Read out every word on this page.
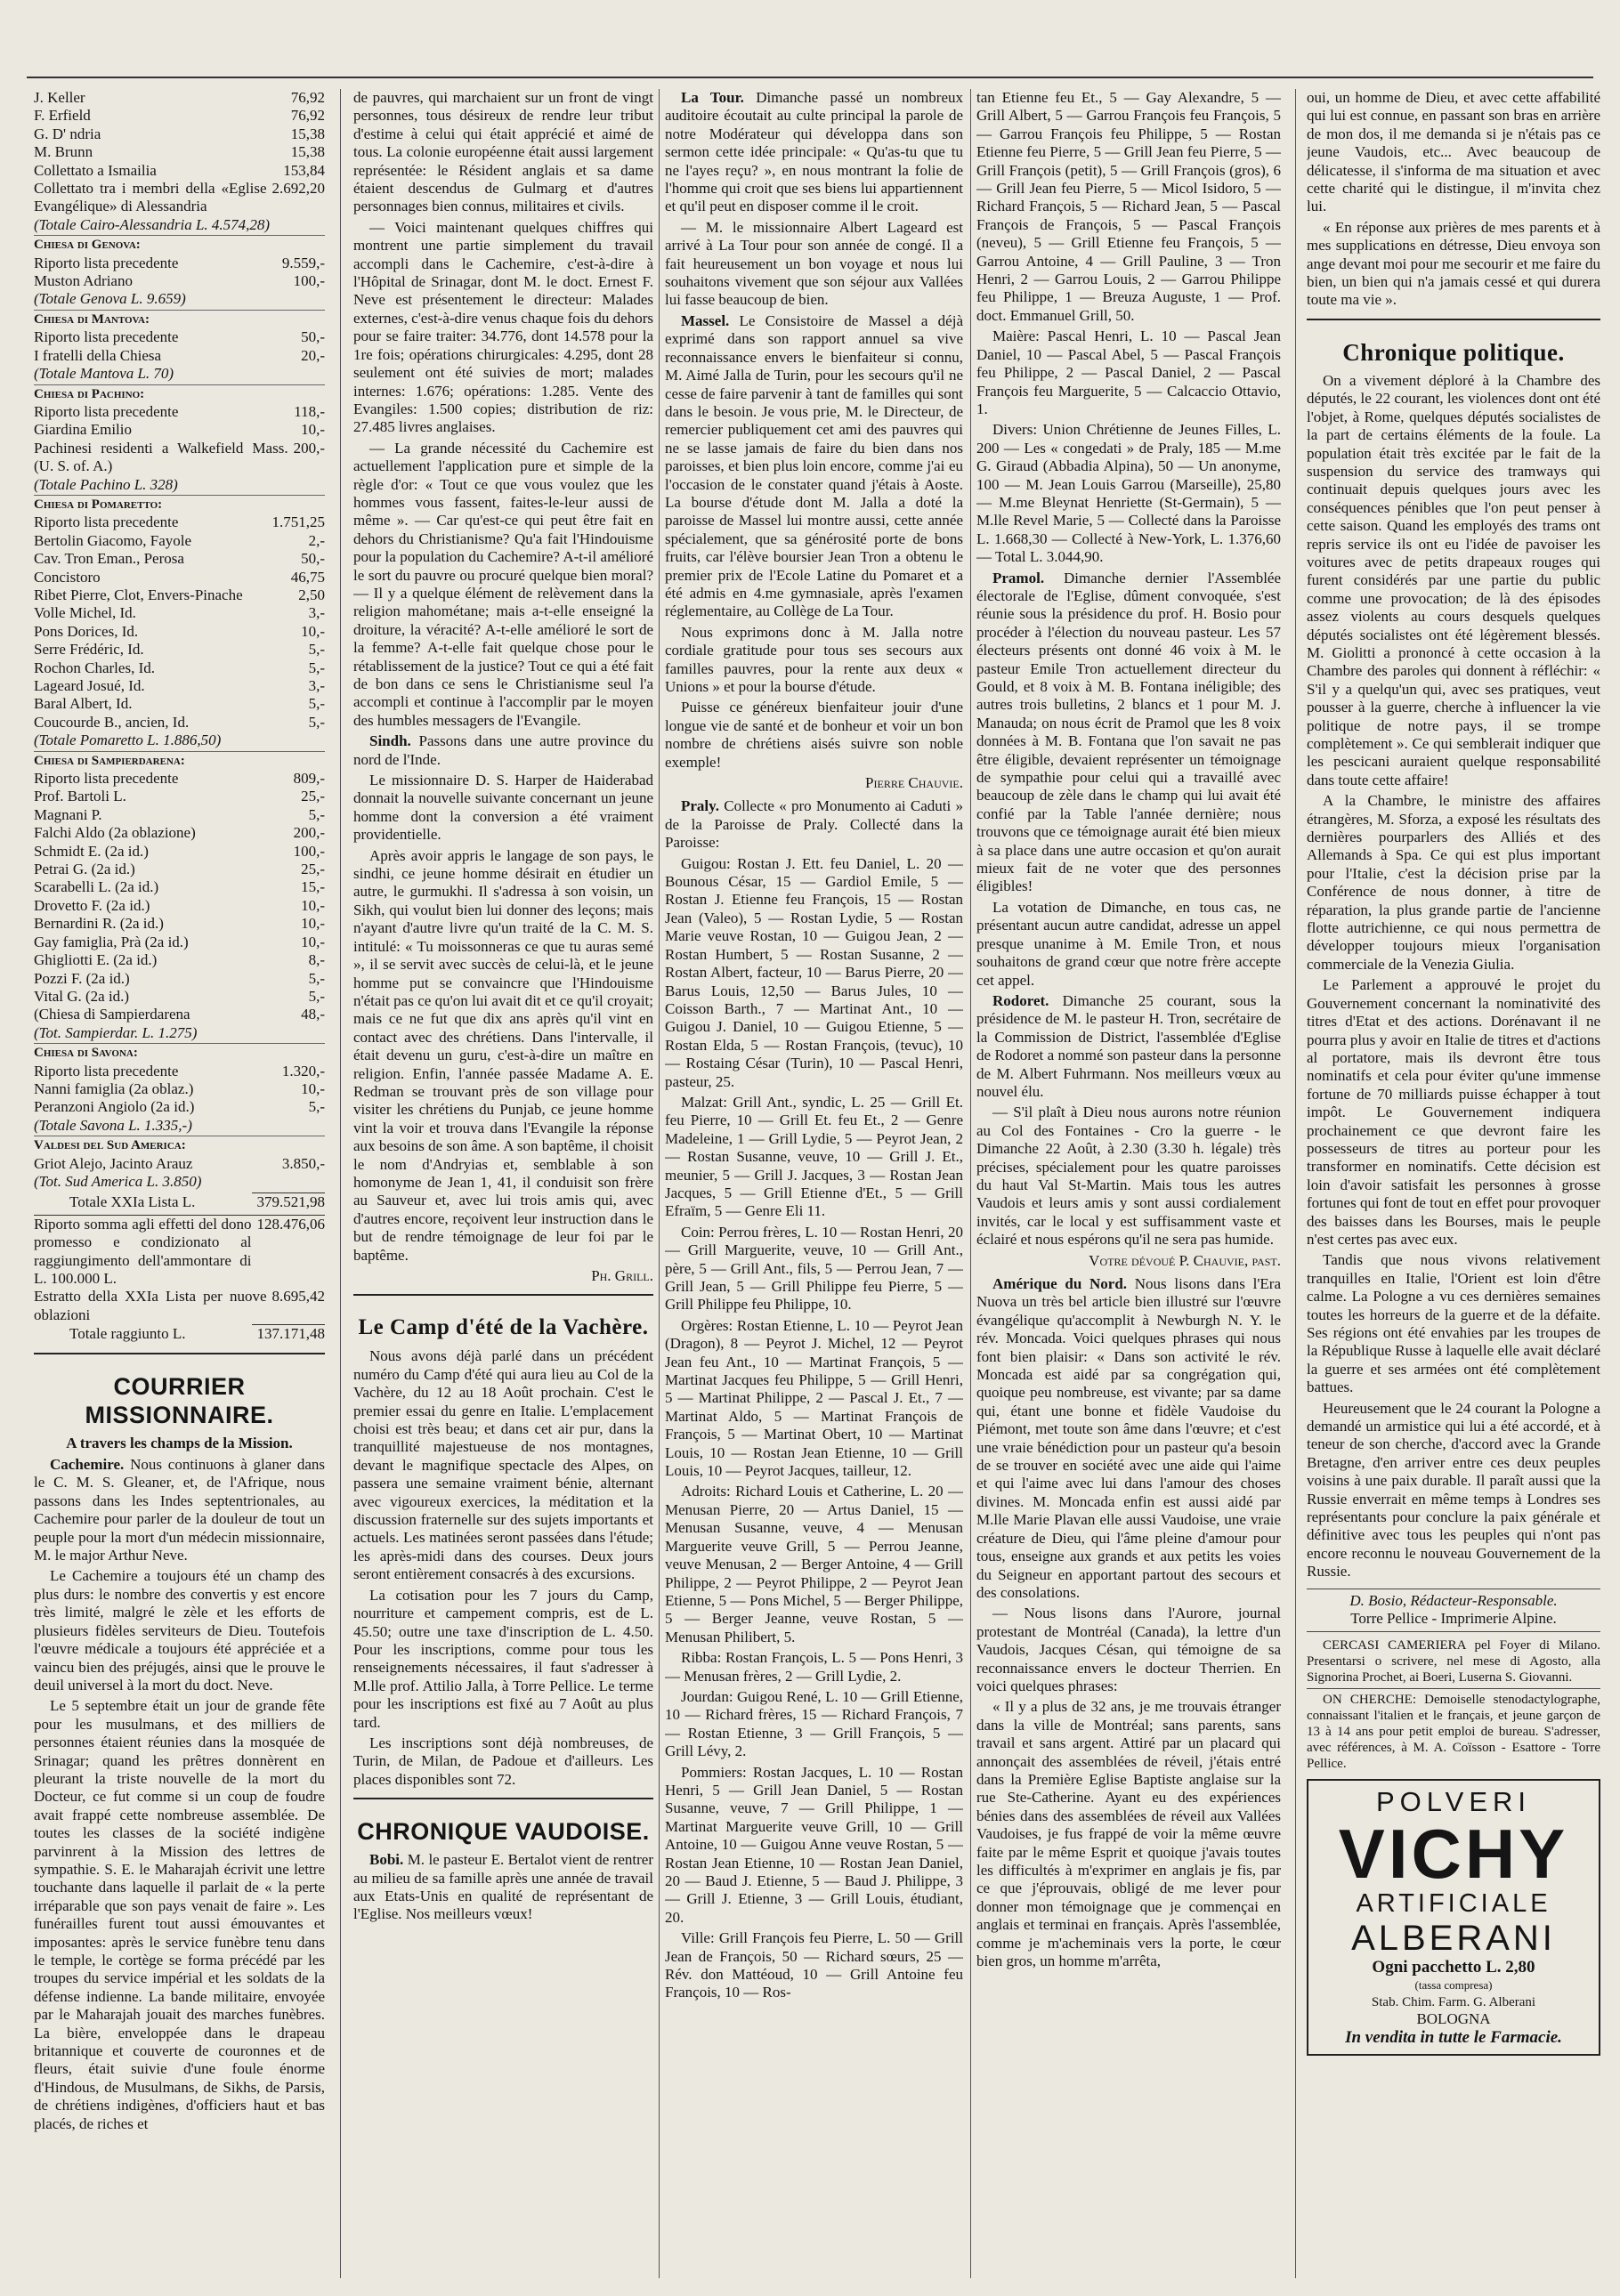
J. Keller	76,92
F. Erfield	76,92
G. D' ndria	15,38
M. Brunn	15,38
Collettato a Ismailia	153,84
Collettato tra i membri della «Eglise Evangélique» di Alessandria
2.692,20
(Totale Cairo-Alessandria L. 4.574,28)
Chiesa di Genova:
Riporto lista precedente	9.559,-
Muston Adriano	100,-
(Totale Genova L. 9.659)
Chiesa di Mantova:
Riporto lista precedente	50,-
I fratelli della Chiesa	20,-
(Totale Mantova L. 70)
Chiesa di Pachino:
Riporto lista precedente	118,-
Giardina Emilio	10,-
Pachinesi residenti a Walkefield Mass. (U. S. of. A.)
200,-
(Totale Pachino L. 328)
Chiesa di Pomaretto:
Riporto lista precedente	1.751,25
Bertolin Giacomo, Fayole	2,-
Cav. Tron Eman., Perosa	50,-
Concistoro	46,75
Ribet Pierre, Clot, Envers-Pinache	2,50
Volle Michel, Id.	3,-
Pons Dorices, Id.	10,-
Serre Frédéric, Id.	5,-
Rochon Charles, Id.	5,-
Lageard Josué, Id.	3,-
Baral Albert, Id.	5,-
Coucourde B., ancien, Id.	5,-
(Totale Pomaretto L. 1.886,50)
Chiesa di Sampierdarena:
Riporto lista precedente	809,-
Prof. Bartoli L.	25,-
Magnani P.	5,-
Falchi Aldo (2a oblazione)	200,-
Schmidt E. (2a id.)	100,-
Petrai G. (2a id.)	25,-
Scarabelli L. (2a id.)	15,-
Drovetto F. (2a id.)	10,-
Bernardini R. (2a id.)	10,-
Gay famiglia, Prà (2a id.)	10,-
Ghigliotti E. (2a id.)	8,-
Pozzi F. (2a id.)	5,-
Vital G. (2a id.)	5,-
(Chiesa di Sampierdarena	48,-
(Tot. Sampierdar. L. 1.275)
Chiesa di Savona:
Riporto lista precedente	1.320,-
Nanni famiglia (2a oblaz.)	10,-
Peranzoni Angiolo (2a id.)	5,-
(Totale Savona L. 1.335,-)
Valdesi del Sud America:
Griot Alejo, Jacinto Arauz	3.850,-
(Tot. Sud America L. 3.850)
Totale XXIa Lista L.	379.521,98
Riporto somma agli effetti del dono promesso e condizionato al raggiungimento dell'ammontare di L. 100.000 L.
128.476,06
Estratto della XXIa Lista per nuove oblazioni
8.695,42
Totale raggiunto L.	137.171,48
COURRIER MISSIONNAIRE.
A travers les champs de la Mission.

Cachemire. Nous continuons à glaner dans le C. M. S. Gleaner, et, de l'Afrique, nous passons dans les Indes septentrionales, au Cachemire pour parler de la douleur de tout un peuple pour la mort d'un médecin missionnaire, M. le major Arthur Neve.

Le Cachemire a toujours été un champ des plus durs: le nombre des convertis y est encore très limité, malgré le zèle et les efforts de plusieurs fidèles serviteurs de Dieu. Toutefois l'œuvre médicale a toujours été appréciée et a vaincu bien des préjugés, ainsi que le prouve le deuil universel à la mort du doct. Neve.

Le 5 septembre était un jour de grande fête pour les musulmans, et des milliers de personnes étaient réunies dans la mosquée de Srinagar; quand les prêtres donnèrent en pleurant la triste nouvelle de la mort du Docteur, ce fut comme si un coup de foudre avait frappé cette nombreuse assemblée. De toutes les classes de la société indigène parvinrent à la Mission des lettres de sympathie. S. E. le Maharajah écrivit une lettre touchante dans laquelle il parlait de « la perte irréparable que son pays venait de faire ». Les funérailles furent tout aussi émouvantes et imposantes: après le service funèbre tenu dans le temple, le cortège se forma précédé par les troupes du service impérial et les soldats de la défense indienne. La bande militaire, envoyée par le Maharajah jouait des marches funèbres. La bière, enveloppée dans le drapeau britannique et couverte de couronnes et de fleurs, était suivie d'une foule énorme d'Hindous, de Musulmans, de Sikhs, de Parsis, de chrétiens indigènes, d'officiers haut et bas placés, de riches et

de pauvres, qui marchaient sur un front de vingt personnes, tous désireux de rendre leur tribut d'estime à celui qui était apprécié et aimé de tous. La colonie européenne était aussi largement représentée: le Résident anglais et sa dame étaient descendus de Gulmarg et d'autres personnages bien connus, militaires et civils.

— Voici maintenant quelques chiffres qui montrent une partie simplement du travail accompli dans le Cachemire, c'est-à-dire à l'Hôpital de Srinagar, dont M. le doct. Ernest F. Neve est présentement le directeur: Malades externes, c'est-à-dire venus chaque fois du dehors pour se faire traiter: 34.776, dont 14.578 pour la 1re fois; opérations chirurgicales: 4.295, dont 28 seulement ont été suivies de mort; malades internes: 1.676; opérations: 1.285. Vente des Evangiles: 1.500 copies; distribution de riz: 27.485 livres anglaises.

— La grande nécessité du Cachemire est actuellement l'application pure et simple de la règle d'or: « Tout ce que vous voulez que les hommes vous fassent, faites-le-leur aussi de même ». — Car qu'est-ce qui peut être fait en dehors du Christianisme? Qu'a fait l'Hindouisme pour la population du Cachemire? A-t-il amélioré le sort du pauvre ou procuré quelque bien moral? — Il y a quelque élément de relèvement dans la religion mahométane; mais a-t-elle enseigné la droiture, la véracité? A-t-elle amélioré le sort de la femme? A-t-elle fait quelque chose pour le rétablissement de la justice? Tout ce qui a été fait de bon dans ce sens le Christianisme seul l'a accompli et continue à l'accomplir par le moyen des humbles messagers de l'Evangile.

Sindh. Passons dans une autre province du nord de l'Inde.

Le missionnaire D. S. Harper de Haiderabad donnait la nouvelle suivante concernant un jeune homme dont la conversion a été vraiment providentielle.

Après avoir appris le langage de son pays, le sindhi, ce jeune homme désirait en étudier un autre, le gurmukhi. Il s'adressa à son voisin, un Sikh, qui voulut bien lui donner des leçons; mais n'ayant d'autre livre qu'un traité de la C. M. S. intitulé: « Tu moissonneras ce que tu auras semé », il se servit avec succès de celui-là, et le jeune homme put se convaincre que l'Hindouisme n'était pas ce qu'on lui avait dit et ce qu'il croyait; mais ce ne fut que dix ans après qu'il vint en contact avec des chrétiens. Dans l'intervalle, il était devenu un guru, c'est-à-dire un maître en religion. Enfin, l'année passée Madame A. E. Redman se trouvant près de son village pour visiter les chrétiens du Punjab, ce jeune homme vint la voir et trouva dans l'Evangile la réponse aux besoins de son âme. A son baptême, il choisit le nom d'Andryias et, semblable à son homonyme de Jean 1, 41, il conduisit son frère au Sauveur et, avec lui trois amis qui, avec d'autres encore, reçoivent leur instruction dans le but de rendre témoignage de leur foi par le baptême.

Ph. Grill.
Le Camp d'été de la Vachère.

Nous avons déjà parlé dans un précédent numéro du Camp d'été qui aura lieu au Col de la Vachère, du 12 au 18 Août prochain. C'est le premier essai du genre en Italie. L'emplacement choisi est très beau; et dans cet air pur, dans la tranquillité majestueuse de nos montagnes, devant le magnifique spectacle des Alpes, on passera une semaine vraiment bénie, alternant avec vigoureux exercices, la méditation et la discussion fraternelle sur des sujets importants et actuels. Les matinées seront passées dans l'étude; les après-midi dans des courses. Deux jours seront entièrement consacrés à des excursions.

La cotisation pour les 7 jours du Camp, nourriture et campement compris, est de L. 45.50; outre une taxe d'inscription de L. 4.50. Pour les inscriptions, comme pour tous les renseignements nécessaires, il faut s'adresser à M.lle prof. Attilio Jalla, à Torre Pellice. Le terme pour les inscriptions est fixé au 7 Août au plus tard.

Les inscriptions sont déjà nombreuses, de Turin, de Milan, de Padoue et d'ailleurs. Les places disponibles sont 72.

CHRONIQUE VAUDOISE.

Bobi. M. le pasteur E. Bertalot vient de rentrer au milieu de sa famille après une année de travail aux Etats-Unis en qualité de représentant de l'Eglise. Nos meilleurs vœux!

La Tour. Dimanche passé un nombreux auditoire écoutait au culte principal la parole de notre Modérateur qui développa dans son sermon cette idée principale: « Qu'as-tu que tu ne l'ayes reçu? », en nous montrant la folie de l'homme qui croit que ses biens lui appartiennent et qu'il peut en disposer comme il le croit.

— M. le missionnaire Albert Lageard est arrivé à La Tour pour son année de congé. Il a fait heureusement un bon voyage et nous lui souhaitons vivement que son séjour aux Vallées lui fasse beaucoup de bien.

Massel. Le Consistoire de Massel a déjà exprimé dans son rapport annuel sa vive reconnaissance envers le bienfaiteur si connu, M. Aimé Jalla de Turin, pour les secours qu'il ne cesse de faire parvenir à tant de familles qui sont dans le besoin. Je vous prie, M. le Directeur, de remercier publiquement cet ami des pauvres qui ne se lasse jamais de faire du bien dans nos paroisses, et bien plus loin encore, comme j'ai eu l'occasion de le constater quand j'étais à Aoste. La bourse d'étude dont M. Jalla a doté la paroisse de Massel lui montre aussi, cette année spécialement, que sa générosité porte de bons fruits, car l'élève boursier Jean Tron a obtenu le premier prix de l'Ecole Latine du Pomaret et a été admis en 4.me gymnasiale, après l'examen réglementaire, au Collège de La Tour.

Nous exprimons donc à M. Jalla notre cordiale gratitude pour tous ses secours aux familles pauvres, pour la rente aux deux « Unions » et pour la bourse d'étude.

Puisse ce généreux bienfaiteur jouir d'une longue vie de santé et de bonheur et voir un bon nombre de chrétiens aisés suivre son noble exemple!

Pierre Chauvie.

Praly. Collecte « pro Monumento ai Caduti » de la Paroisse de Praly. Collecté dans la Paroisse:

Guigou: Rostan J. Ett. feu Daniel, L. 20 — Bounous César, 15 — Gardiol Emile, 5 — Rostan J. Etienne feu François, 15 — Rostan Jean (Valeo), 5 — Rostan Lydie, 5 — Rostan Marie veuve Rostan, 10 — Guigou Jean, 2 — Rostan Humbert, 5 — Rostan Susanne, 2 — Rostan Albert, facteur, 10 — Barus Pierre, 20 — Barus Louis, 12,50 — Barus Jules, 10 — Coisson Barth., 7 — Martinat Ant., 10 — Guigou J. Daniel, 10 — Guigou Etienne, 5 — Rostan Elda, 5 — Rostan François, (tevuc), 10 — Rostaing César (Turin), 10 — Pascal Henri, pasteur, 25.

Malzat: Grill Ant., syndic, L. 25 — Grill Et. feu Pierre, 10 — Grill Et. feu Et., 2 — Genre Madeleine, 1 — Grill Lydie, 5 — Peyrot Jean, 2 — Rostan Susanne, veuve, 10 — Grill J. Et., meunier, 5 — Grill J. Jacques, 3 — Rostan Jean Jacques, 5 — Grill Etienne d'Et., 5 — Grill Efraïm, 5 — Genre Eli 11.

Coin: Perrou frères, L. 10 — Rostan Henri, 20 — Grill Marguerite, veuve, 10 — Grill Ant., père, 5 — Grill Ant., fils, 5 — Perrou Jean, 7 — Grill Jean, 5 — Grill Philippe feu Pierre, 5 — Grill Philippe feu Philippe, 10.

Orgères: Rostan Etienne, L. 10 — Peyrot Jean (Dragon), 8 — Peyrot J. Michel, 12 — Peyrot Jean feu Ant., 10 — Martinat François, 5 — Martinat Jacques feu Philippe, 5 — Grill Henri, 5 — Martinat Philippe, 2 — Pascal J. Et., 7 — Martinat Aldo, 5 — Martinat François de François, 5 — Martinat Obert, 10 — Martinat Louis, 10 — Rostan Jean Etienne, 10 — Grill Louis, 10 — Peyrot Jacques, tailleur, 12.

Adroits: Richard Louis et Catherine, L. 20 — Menusan Pierre, 20 — Artus Daniel, 15 — Menusan Susanne, veuve, 4 — Menusan Marguerite veuve Grill, 5 — Perrou Jeanne, veuve Menusan, 2 — Berger Antoine, 4 — Grill Philippe, 2 — Peyrot Philippe, 2 — Peyrot Jean Etienne, 5 — Pons Michel, 5 — Berger Philippe, 5 — Berger Jeanne, veuve Rostan, 5 — Menusan Philibert, 5.

Ribba: Rostan François, L. 5 — Pons Henri, 3 — Menusan frères, 2 — Grill Lydie, 2.

Jourdan: Guigou René, L. 10 — Grill Etienne, 10 — Richard frères, 15 — Richard François, 7 — Rostan Etienne, 3 — Grill François, 5 — Grill Lévy, 2.

Pommiers: Rostan Jacques, L. 10 — Rostan Henri, 5 — Grill Jean Daniel, 5 — Rostan Susanne, veuve, 7 — Grill Philippe, 1 — Martinat Marguerite veuve Grill, 10 — Grill Antoine, 10 — Guigou Anne veuve Rostan, 5 — Rostan Jean Etienne, 10 — Rostan Jean Daniel, 20 — Baud J. Etienne, 5 — Baud J. Philippe, 3 — Grill J. Etienne, 3 — Grill Louis, étudiant, 20.

Ville: Grill François feu Pierre, L. 50 — Grill Jean de François, 50 — Richard sœurs, 25 — Rév. don Mattéoud, 10 — Grill Antoine feu François, 10 — Ros-

tan Etienne feu Et., 5 — Gay Alexandre, 5 — Grill Albert, 5 — Garrou François feu François, 5 — Garrou François feu Philippe, 5 — Rostan Etienne feu Pierre, 5 — Grill Jean feu Pierre, 5 — Grill François (petit), 5 — Grill François (gros), 6 — Grill Jean feu Pierre, 5 — Micol Isidoro, 5 — Richard François, 5 — Richard Jean, 5 — Pascal François de François, 5 — Pascal François (neveu), 5 — Grill Etienne feu François, 5 — Garrou Antoine, 4 — Grill Pauline, 3 — Tron Henri, 2 — Garrou Louis, 2 — Garrou Philippe feu Philippe, 1 — Breuza Auguste, 1 — Prof. doct. Emmanuel Grill, 50.

Maière: Pascal Henri, L. 10 — Pascal Jean Daniel, 10 — Pascal Abel, 5 — Pascal François feu Philippe, 2 — Pascal Daniel, 2 — Pascal François feu Marguerite, 5 — Calcaccio Ottavio, 1.

Divers: Union Chrétienne de Jeunes Filles, L. 200 — Les « congedati » de Praly, 185 — M.me G. Giraud (Abbadia Alpina), 50 — Un anonyme, 100 — M. Jean Louis Garrou (Marseille), 25,80 — M.me Bleynat Henriette (St-Germain), 5 — M.lle Revel Marie, 5 — Collecté dans la Paroisse L. 1.668,30 — Collecté à New-York, L. 1.376,60 — Total L. 3.044,90.

Pramol. Dimanche dernier l'Assemblée électorale de l'Eglise, dûment convoquée, s'est réunie sous la présidence du prof. H. Bosio pour procéder à l'élection du nouveau pasteur. Les 57 électeurs présents ont donné 46 voix à M. le pasteur Emile Tron actuellement directeur du Gould, et 8 voix à M. B. Fontana inéligible; des autres trois bulletins, 2 blancs et 1 pour M. J. Manauda; on nous écrit de Pramol que les 8 voix données à M. B. Fontana que l'on savait ne pas être éligible, devaient représenter un témoignage de sympathie pour celui qui a travaillé avec beaucoup de zèle dans le champ qui lui avait été confié par la Table l'année dernière; nous trouvons que ce témoignage aurait été bien mieux à sa place dans une autre occasion et qu'on aurait mieux fait de ne voter que des personnes éligibles!

La votation de Dimanche, en tous cas, ne présentant aucun autre candidat, adresse un appel presque unanime à M. Emile Tron, et nous souhaitons de grand cœur que notre frère accepte cet appel.

Rodoret. Dimanche 25 courant, sous la présidence de M. le pasteur H. Tron, secrétaire de la Commission de District, l'assemblée d'Eglise de Rodoret a nommé son pasteur dans la personne de M. Albert Fuhrmann. Nos meilleurs vœux au nouvel élu.

— S'il plaît à Dieu nous aurons notre réunion au Col des Fontaines - Cro la guerre - le Dimanche 22 Août, à 2.30 (3.30 h. légale) très précises, spécialement pour les quatre paroisses du haut Val St-Martin. Mais tous les autres Vaudois et leurs amis y sont aussi cordialement invités, car le local y est suffisamment vaste et éclairé et nous espérons qu'il ne sera pas humide.

Votre dévoué P. Chauvie, past.

Amérique du Nord. Nous lisons dans l'Era Nuova un très bel article bien illustré sur l'œuvre évangélique qu'accomplit à Newburgh N. Y. le rév. Moncada. Voici quelques phrases qui nous font bien plaisir: « Dans son activité le rév. Moncada est aidé par sa congrégation qui, quoique peu nombreuse, est vivante; par sa dame qui, étant une bonne et fidèle Vaudoise du Piémont, met toute son âme dans l'œuvre; et c'est une vraie bénédiction pour un pasteur qu'a besoin de se trouver en société avec une aide qui l'aime et qui l'aime avec lui dans l'amour des choses divines. M. Moncada enfin est aussi aidé par M.lle Marie Plavan elle aussi Vaudoise, une vraie créature de Dieu, qui l'âme pleine d'amour pour tous, enseigne aux grands et aux petits les voies du Seigneur en apportant partout des secours et des consolations.

— Nous lisons dans l'Aurore, journal protestant de Montréal (Canada), la lettre d'un Vaudois, Jacques Césan, qui témoigne de sa reconnaissance envers le docteur Therrien. En voici quelques phrases:

« Il y a plus de 32 ans, je me trouvais étranger dans la ville de Montréal; sans parents, sans travail et sans argent. Attiré par un placard qui annonçait des assemblées de réveil, j'étais entré dans la Première Eglise Baptiste anglaise sur la rue Ste-Catherine. Ayant eu des expériences bénies dans des assemblées de réveil aux Vallées Vaudoises, je fus frappé de voir la même œuvre faite par le même Esprit et quoique j'avais toutes les difficultés à m'exprimer en anglais je fis, par ce que j'éprouvais, obligé de me lever pour donner mon témoignage que je commençai en anglais et terminai en français. Après l'assemblée, comme je m'acheminais vers la porte, le cœur bien gros, un homme m'arrêta,

oui, un homme de Dieu, et avec cette affabilité qui lui est connue, en passant son bras en arrière de mon dos, il me demanda si je n'étais pas ce jeune Vaudois, etc... Avec beaucoup de délicatesse, il s'informa de ma situation et avec cette charité qui le distingue, il m'invita chez lui.

« En réponse aux prières de mes parents et à mes supplications en détresse, Dieu envoya son ange devant moi pour me secourir et me faire du bien, un bien qui n'a jamais cessé et qui durera toute ma vie ».

Chronique politique.

On a vivement déploré à la Chambre des députés, le 22 courant, les violences dont ont été l'objet, à Rome, quelques députés socialistes de la part de certains éléments de la foule. La population était très excitée par le fait de la suspension du service des tramways qui continuait depuis quelques jours avec les conséquences pénibles que l'on peut penser à cette saison. Quand les employés des trams ont repris service ils ont eu l'idée de pavoiser les voitures avec de petits drapeaux rouges qui furent considérés par une partie du public comme une provocation; de là des épisodes assez violents au cours desquels quelques députés socialistes ont été légèrement blessés. M. Giolitti a prononcé à cette occasion à la Chambre des paroles qui donnent à réfléchir: « S'il y a quelqu'un qui, avec ses pratiques, veut pousser à la guerre, cherche à influencer la vie politique de notre pays, il se trompe complètement ». Ce qui semblerait indiquer que les pescicani auraient quelque responsabilité dans toute cette affaire!

A la Chambre, le ministre des affaires étrangères, M. Sforza, a exposé les résultats des dernières pourparlers des Alliés et des Allemands à Spa. Ce qui est plus important pour l'Italie, c'est la décision prise par la Conférence de nous donner, à titre de réparation, la plus grande partie de l'ancienne flotte autrichienne, ce qui nous permettra de développer toujours mieux l'organisation commerciale de la Venezia Giulia.

Le Parlement a approuvé le projet du Gouvernement concernant la nominativité des titres d'Etat et des actions. Dorénavant il ne pourra plus y avoir en Italie de titres et d'actions al portatore, mais ils devront être tous nominatifs et cela pour éviter qu'une immense fortune de 70 milliards puisse échapper à tout impôt. Le Gouvernement indiquera prochainement ce que devront faire les possesseurs de titres au porteur pour les transformer en nominatifs. Cette décision est loin d'avoir satisfait les personnes à grosse fortunes qui font de tout en effet pour provoquer des baisses dans les Bourses, mais le peuple n'est certes pas avec eux.

Tandis que nous vivons relativement tranquilles en Italie, l'Orient est loin d'être calme. La Pologne a vu ces dernières semaines toutes les horreurs de la guerre et de la défaite. Ses régions ont été envahies par les troupes de la République Russe à laquelle elle avait déclaré la guerre et ses armées ont été complètement battues.

Heureusement que le 24 courant la Pologne a demandé un armistice qui lui a été accordé, et à teneur de son cherche, d'accord avec la Grande Bretagne, d'en arriver entre ces deux peuples voisins à une paix durable. Il paraît aussi que la Russie enverrait en même temps à Londres ses représentants pour conclure la paix générale et définitive avec tous les peuples qui n'ont pas encore reconnu le nouveau Gouvernement de la Russie.

D. Bosio, Rédacteur-Responsable.
Torre Pellice - Imprimerie Alpine.

CERCASI CAMERIERA pel Foyer di Milano. Presentarsi o scrivere, nel mese di Agosto, alla Signorina Prochet, ai Boeri, Luserna S. Giovanni.

ON CHERCHE: Demoiselle stenodactylographe, connaissant l'italien et le français, et jeune garçon de 13 à 14 ans pour petit emploi de bureau. S'adresser, avec références, à M. A. Coïsson - Esattore - Torre Pellice.

POLVERI
VICHY
ARTIFICIALE
ALBERANI
Ogni pacchetto L. 2,80
(tassa compresa)
Stab. Chim. Farm. G. Alberani
BOLOGNA
In vendita in tutte le Farmacie.
